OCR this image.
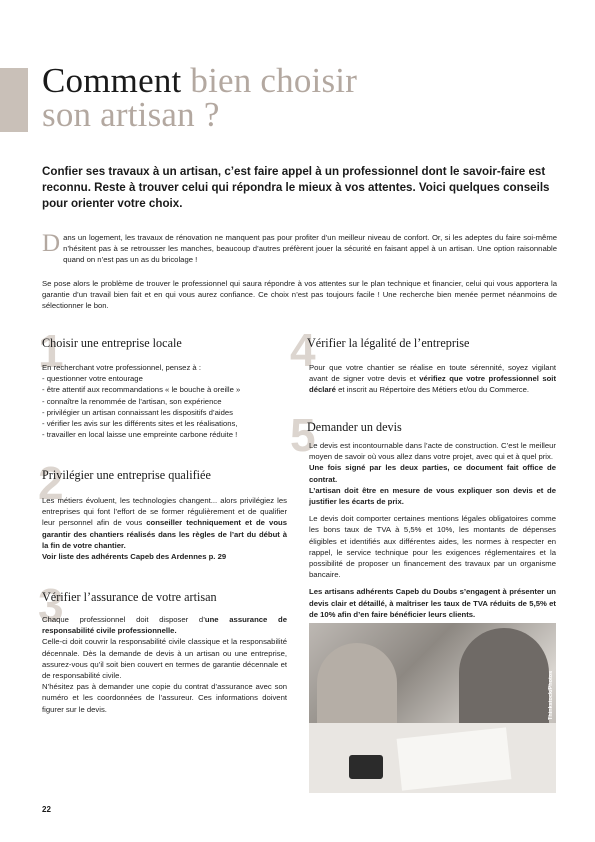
Comment bien choisir
son artisan ?
Confier ses travaux à un artisan, c’est faire appel à un professionnel dont le savoir-faire est reconnu. Reste à trouver celui qui répondra le mieux à vos attentes. Voici quelques conseils pour orienter votre choix.
Dans un logement, les travaux de rénovation ne manquent pas pour profiter d’un meilleur niveau de confort. Or, si les adeptes du faire soi-même n’hésitent pas à se retrousser les manches, beaucoup d’autres préfèrent jouer la sécurité en faisant appel à un artisan. Une option raisonnable quand on n’est pas un as du bricolage !
Se pose alors le problème de trouver le professionnel qui saura répondre à vos attentes sur le plan technique et financier, celui qui vous apportera la garantie d’un travail bien fait et en qui vous aurez confiance. Ce choix n’est pas toujours facile ! Une recherche bien menée permet néanmoins de sélectionner le bon.
1
Choisir une entreprise locale
En recherchant votre professionnel, pensez à :
- questionner votre entourage
- être attentif aux recommandations « le bouche à oreille »
- connaître la renommée de l’artisan, son expérience
- privilégier un artisan connaissant les dispositifs d’aides
- vérifier les avis sur les différents sites et les réalisations,
- travailler en local laisse une empreinte carbone réduite !
2
Privilégier une entreprise qualifiée
Les métiers évoluent, les technologies changent... alors privilégiez les entreprises qui font l’effort de se former régulièrement et de qualifier leur personnel afin de vous conseiller techniquement et de vous garantir des chantiers réalisés dans les règles de l’art du début à la fin de votre chantier.
Voir liste des adhérents Capeb des Ardennes p. 29
3
Vérifier l’assurance de votre artisan
Chaque professionnel doit disposer d’une assurance de responsabilité civile professionnelle.
Celle-ci doit couvrir la responsabilité civile classique et la responsabilité décennale. Dès la demande de devis à un artisan ou une entreprise, assurez-vous qu’il soit bien couvert en termes de garantie décennale et de responsabilité civile.
N’hésitez pas à demander une copie du contrat d’assurance avec son numéro et les coordonnées de l’assureur. Ces informations doivent figurer sur le devis.
4
Vérifier la légalité de l’entreprise
Pour que votre chantier se réalise en toute sérennité, soyez vigilant avant de signer votre devis et vérifiez que votre professionnel soit déclaré et inscrit au Répertoire des Métiers et/ou du Commerce.
5
Demander un devis
Le devis est incontournable dans l’acte de construction. C’est le meilleur moyen de savoir où vous allez dans votre projet, avec qui et à quel prix.
Une fois signé par les deux parties, ce document fait office de contrat.
L’artisan doit être en mesure de vous expliquer son devis et de justifier les écarts de prix.
Le devis doit comporter certaines mentions légales obligatoires comme les bons taux de TVA à 5,5% et 10%, les montants de dépenses éligibles et identifiés aux différentes aides, les normes à respecter en rappel, le service technique pour les exigences réglementaires et la possibilité de proposer un financement des travaux par un organisme bancaire.
Les artisans adhérents Capeb du Doubs s’engagent à présenter un devis clair et détaillé, à maîtriser les taux de TVA réduits de 5,5% et de 10% afin d’en faire bénéficier leurs clients.
Thinkstock/Photos
22
